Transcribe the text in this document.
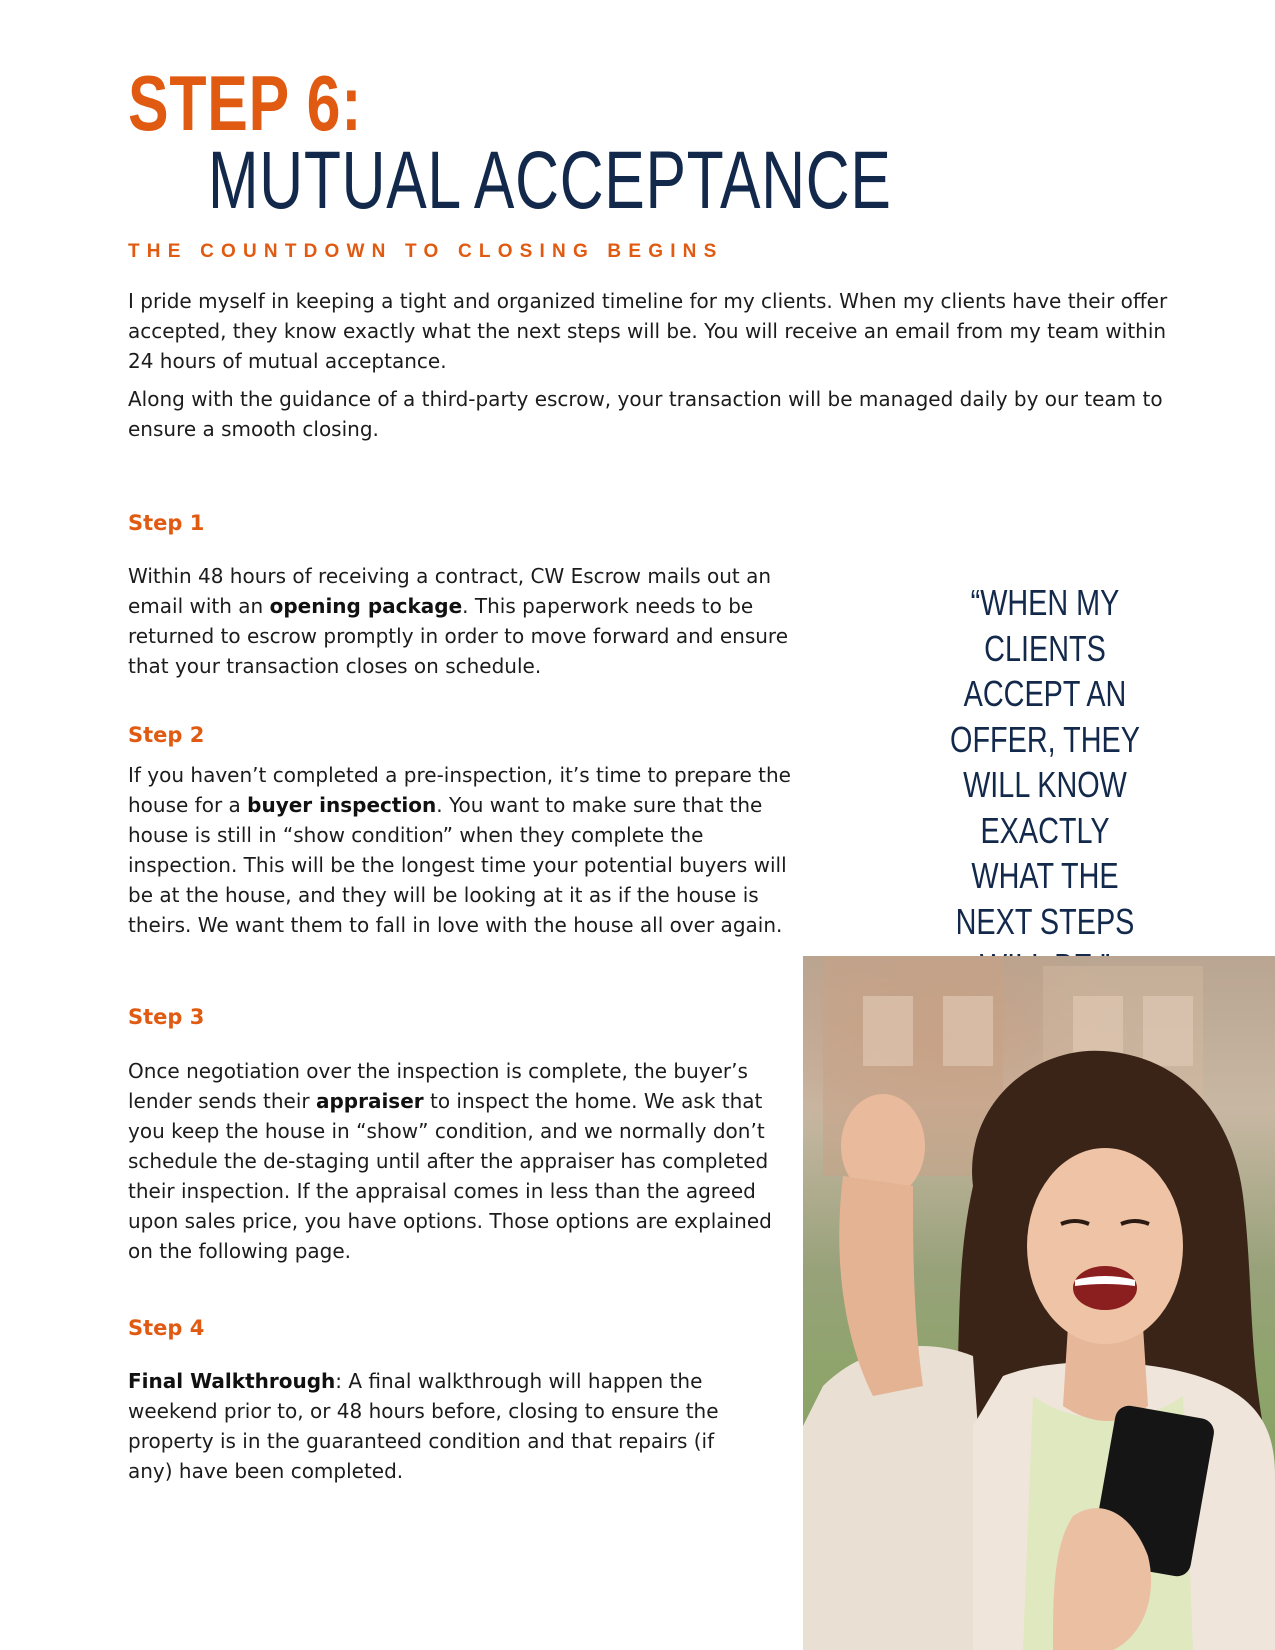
STEP 6:
MUTUAL ACCEPTANCE
THE COUNTDOWN TO CLOSING BEGINS

I pride myself in keeping a tight and organized timeline for my clients. When my clients have their offer accepted, they know exactly what the next steps will be. You will receive an email from my team within 24 hours of mutual acceptance.

Along with the guidance of a third-party escrow, your transaction will be managed daily by our team to ensure a smooth closing.

Step 1

Within 48 hours of receiving a contract, CW Escrow mails out an email with an opening package. This paperwork needs to be returned to escrow promptly in order to move forward and ensure that your transaction closes on schedule.

Step 2

If you haven’t completed a pre-inspection, it’s time to prepare the house for a buyer inspection. You want to make sure that the house is still in “show condition” when they complete the inspection. This will be the longest time your potential buyers will be at the house, and they will be looking at it as if the house is theirs. We want them to fall in love with the house all over again.

Step 3

Once negotiation over the inspection is complete, the buyer’s lender sends their appraiser to inspect the home. We ask that you keep the house in “show” condition, and we normally don’t schedule the de-staging until after the appraiser has completed their inspection. If the appraisal comes in less than the agreed upon sales price, you have options. Those options are explained on the following page.

Step 4

Final Walkthrough: A final walkthrough will happen the weekend prior to, or 48 hours before, closing to ensure the property is in the guaranteed condition and that repairs (if any) have been completed.

“WHEN MY CLIENTS ACCEPT AN OFFER, THEY WILL KNOW EXACTLY WHAT THE NEXT STEPS
